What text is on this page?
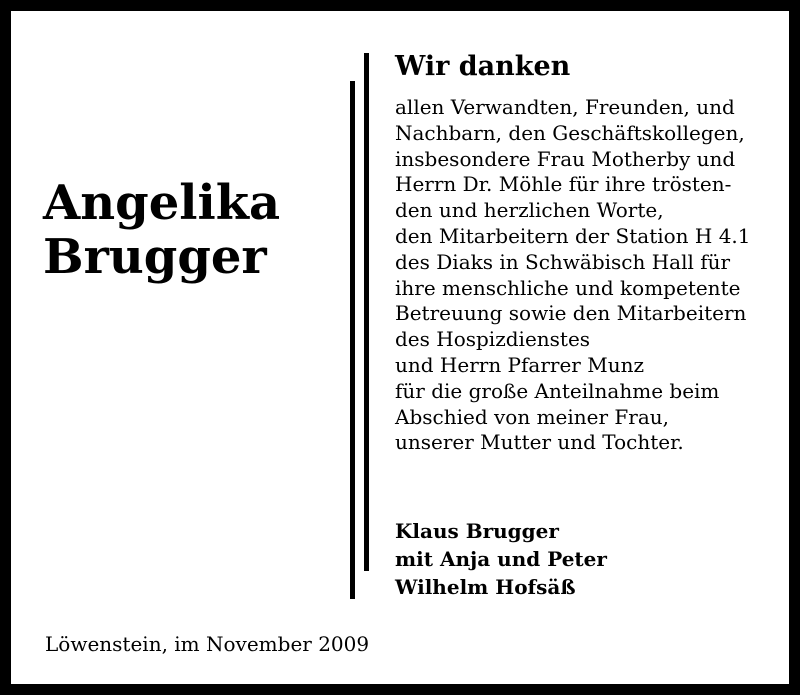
Angelika
Brugger
Wir danken
allen Verwandten, Freunden, und
Nachbarn, den Geschäftskollegen,
insbesondere Frau Motherby und
Herrn Dr. Möhle für ihre trösten-
den und herzlichen Worte,
den Mitarbeitern der Station H 4.1
des Diaks in Schwäbisch Hall für
ihre menschliche und kompetente
Betreuung sowie den Mitarbeitern
des Hospizdienstes
und Herrn Pfarrer Munz
für die große Anteilnahme beim
Abschied von meiner Frau,
unserer Mutter und Tochter.
Klaus Brugger
mit Anja und Peter
Wilhelm Hofsäß
Löwenstein, im November 2009
